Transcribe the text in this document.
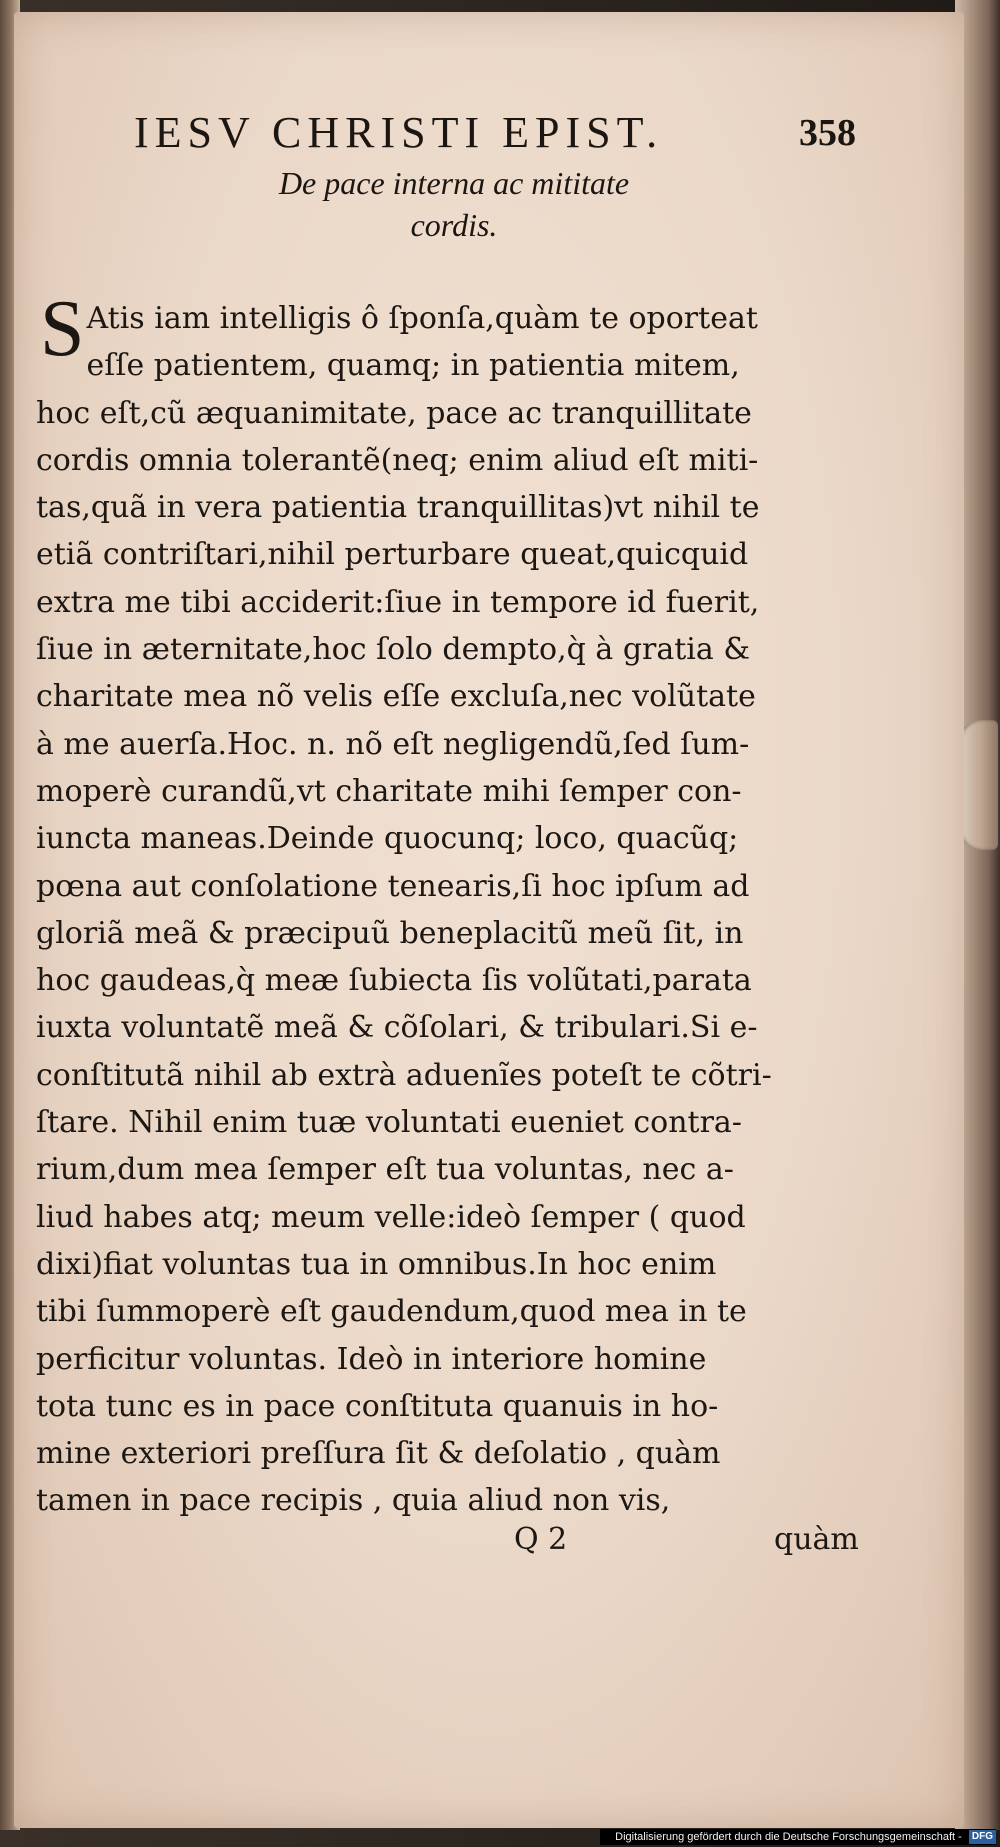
IESV CHRISTI EPIST.	358
De pace interna ac mititate
cordis.
S Atis iam intelligis ô ſponſa,quàm te oporteat
eſſe patientem, quamq; in patientia mitem,
hoc eſt,cũ æquanimitate, pace ac tranquillitate
cordis omnia tolerantẽ(neq; enim aliud eſt miti-
tas,quã in vera patientia tranquillitas)vt nihil te
etiã contriſtari,nihil perturbare queat,quicquid
extra me tibi acciderit:ſiue in tempore id fuerit,
ſiue in æternitate,hoc ſolo dempto,q̀ à gratia &
charitate mea nõ velis eſſe excluſa,nec volũtate
à me auerſa.Hoc. n. nõ eſt negligendũ,ſed ſum-
moperè curandũ,vt charitate mihi ſemper con-
iuncta maneas.Deinde quocunq; loco, quacũq;
pœna aut conſolatione tenearis,ſi hoc ipſum ad
gloriã meã & præcipuũ beneplacitũ meũ ſit, in
hoc gaudeas,q̀ meæ ſubiecta ſis volũtati,parata
iuxta voluntatẽ meã & cõſolari, & tribulari.Si e-
conſtitutã nihil ab extrà aduenĩes poteſt te cõtri-
ſtare. Nihil enim tuæ voluntati eueniet contra-
rium,dum mea ſemper eſt tua voluntas, nec a-
liud habes atq; meum velle:ideò ſemper ( quod
dixi)fiat voluntas tua in omnibus.In hoc enim
tibi ſummoperè eſt gaudendum,quod mea in te
perficitur voluntas. Ideò in interiore homine
tota tunc es in pace conſtituta quanuis in ho-
mine exteriori preſſura ſit & deſolatio , quàm
tamen in pace recipis , quia aliud non vis,
Q 2	quàm
Digitalisierung gefördert durch die Deutsche Forschungsgemeinschaft - DFG
